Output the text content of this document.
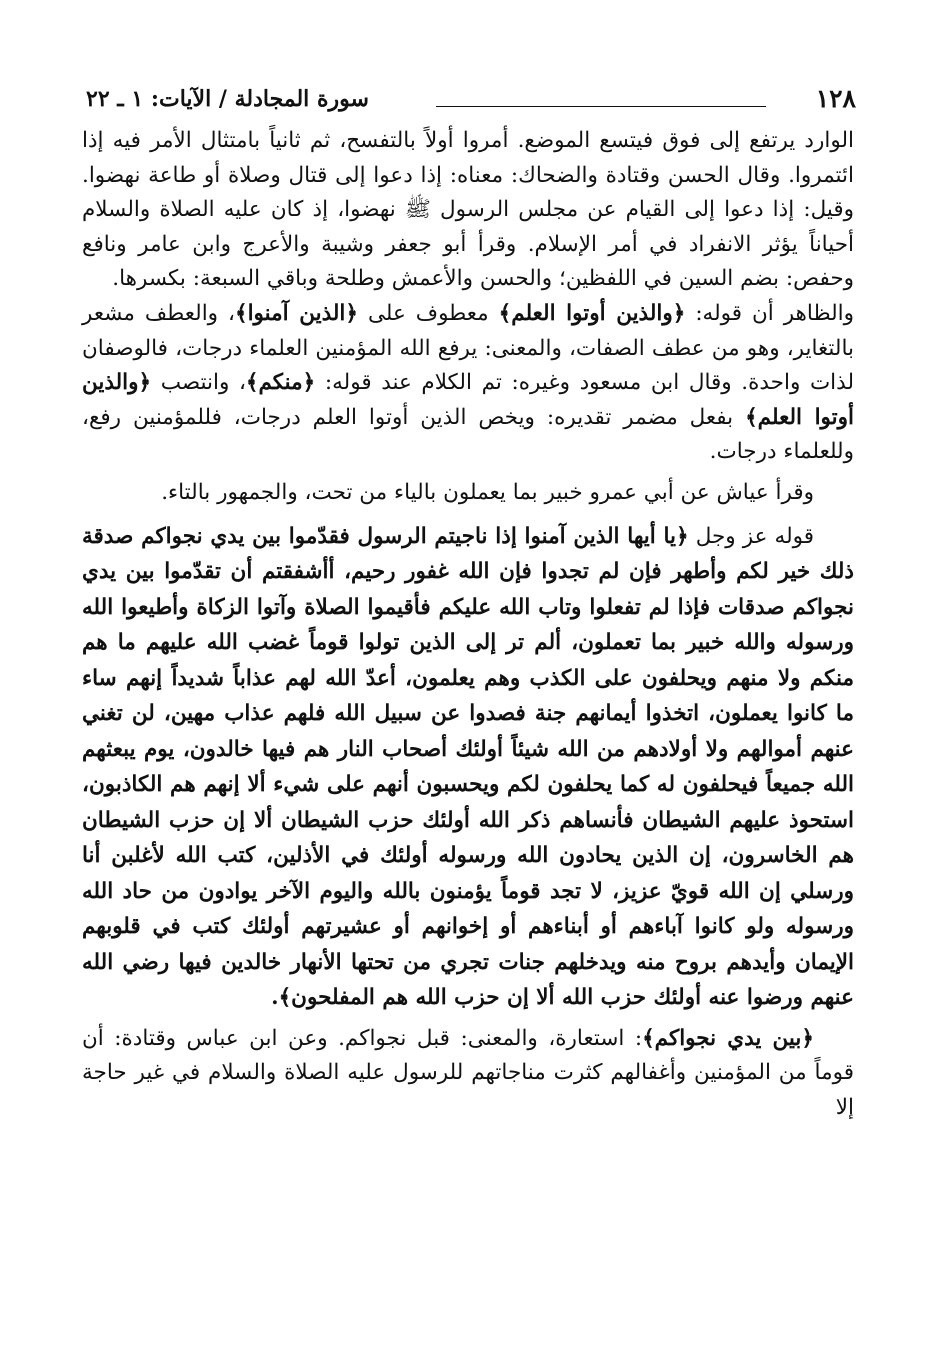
١٢٨
سورة المجادلة / الآيات: ١ ـ ٢٢

الوارد يرتفع إلى فوق فيتسع الموضع. أمروا أولاً بالتفسح، ثم ثانياً بامتثال الأمر فيه إذا ائتمروا. وقال الحسن وقتادة والضحاك: معناه: إذا دعوا إلى قتال وصلاة أو طاعة نهضوا. وقيل: إذا دعوا إلى القيام عن مجلس الرسول ﷺ نهضوا، إذ كان عليه الصلاة والسلام أحياناً يؤثر الانفراد في أمر الإسلام. وقرأ أبو جعفر وشيبة والأعرج وابن عامر ونافع وحفص: بضم السين في اللفظين؛ والحسن والأعمش وطلحة وباقي السبعة: بكسرها.

والظاهر أن قوله: ﴿والذين أوتوا العلم﴾ معطوف على ﴿الذين آمنوا﴾، والعطف مشعر بالتغاير، وهو من عطف الصفات، والمعنى: يرفع الله المؤمنين العلماء درجات، فالوصفان لذات واحدة. وقال ابن مسعود وغيره: تم الكلام عند قوله: ﴿منكم﴾، وانتصب ﴿والذين أوتوا العلم﴾ بفعل مضمر تقديره: ويخص الذين أوتوا العلم درجات، فللمؤمنين رفع، وللعلماء درجات.

وقرأ عياش عن أبي عمرو خبير بما يعملون بالياء من تحت، والجمهور بالتاء.

قوله عز وجل ﴿يا أيها الذين آمنوا إذا ناجيتم الرسول فقدّموا بين يدي نجواكم صدقة ذلك خير لكم وأطهر فإن لم تجدوا فإن الله غفور رحيم، أأشفقتم أن تقدّموا بين يدي نجواكم صدقات فإذا لم تفعلوا وتاب الله عليكم فأقيموا الصلاة وآتوا الزكاة وأطيعوا الله ورسوله والله خبير بما تعملون، ألم تر إلى الذين تولوا قوماً غضب الله عليهم ما هم منكم ولا منهم ويحلفون على الكذب وهم يعلمون، أعدّ الله لهم عذاباً شديداً إنهم ساء ما كانوا يعملون، اتخذوا أيمانهم جنة فصدوا عن سبيل الله فلهم عذاب مهين، لن تغني عنهم أموالهم ولا أولادهم من الله شيئاً أولئك أصحاب النار هم فيها خالدون، يوم يبعثهم الله جميعاً فيحلفون له كما يحلفون لكم ويحسبون أنهم على شيء ألا إنهم هم الكاذبون، استحوذ عليهم الشيطان فأنساهم ذكر الله أولئك حزب الشيطان ألا إن حزب الشيطان هم الخاسرون، إن الذين يحادون الله ورسوله أولئك في الأذلين، كتب الله لأغلبن أنا ورسلي إن الله قويّ عزيز، لا تجد قوماً يؤمنون بالله واليوم الآخر يوادون من حاد الله ورسوله ولو كانوا آباءهم أو أبناءهم أو إخوانهم أو عشيرتهم أولئك كتب في قلوبهم الإيمان وأيدهم بروح منه ويدخلهم جنات تجري من تحتها الأنهار خالدين فيها رضي الله عنهم ورضوا عنه أولئك حزب الله ألا إن حزب الله هم المفلحون﴾.

﴿بين يدي نجواكم﴾: استعارة، والمعنى: قبل نجواكم. وعن ابن عباس وقتادة: أن قوماً من المؤمنين وأغفالهم كثرت مناجاتهم للرسول عليه الصلاة والسلام في غير حاجة إلا
